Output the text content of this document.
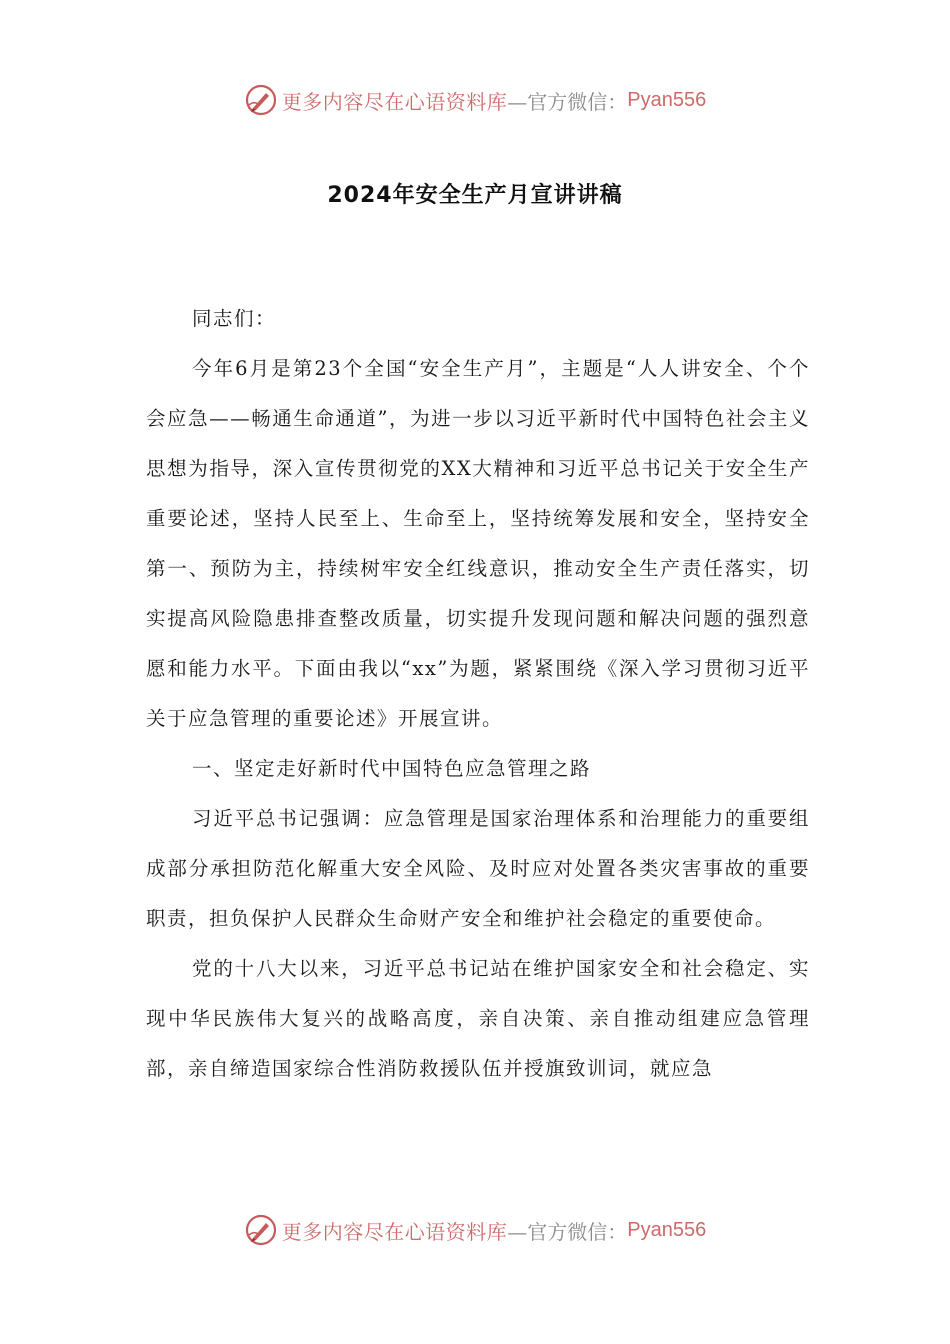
更多内容尽在心语资料库 —官方微信： Pyan556
2024年安全生产月宣讲讲稿

同志们：

今年6月是第23个全国“安全生产月”，主题是“人人讲安全、个个会应急——畅通生命通道”，为进一步以习近平新时代中国特色社会主义思想为指导，深入宣传贯彻党的XX大精神和习近平总书记关于安全生产重要论述，坚持人民至上、生命至上，坚持统筹发展和安全，坚持安全第一、预防为主，持续树牢安全红线意识，推动安全生产责任落实，切实提高风险隐患排查整改质量，切实提升发现问题和解决问题的强烈意愿和能力水平。下面由我以“xx”为题，紧紧围绕《深入学习贯彻习近平关于应急管理的重要论述》开展宣讲。

一、坚定走好新时代中国特色应急管理之路

习近平总书记强调：应急管理是国家治理体系和治理能力的重要组成部分承担防范化解重大安全风险、及时应对处置各类灾害事故的重要职责，担负保护人民群众生命财产安全和维护社会稳定的重要使命。

党的十八大以来，习近平总书记站在维护国家安全和社会稳定、实现中华民族伟大复兴的战略高度，亲自决策、亲自推动组建应急管理部，亲自缔造国家综合性消防救援队伍并授旗致训词，就应急

更多内容尽在心语资料库 —官方微信： Pyan556
